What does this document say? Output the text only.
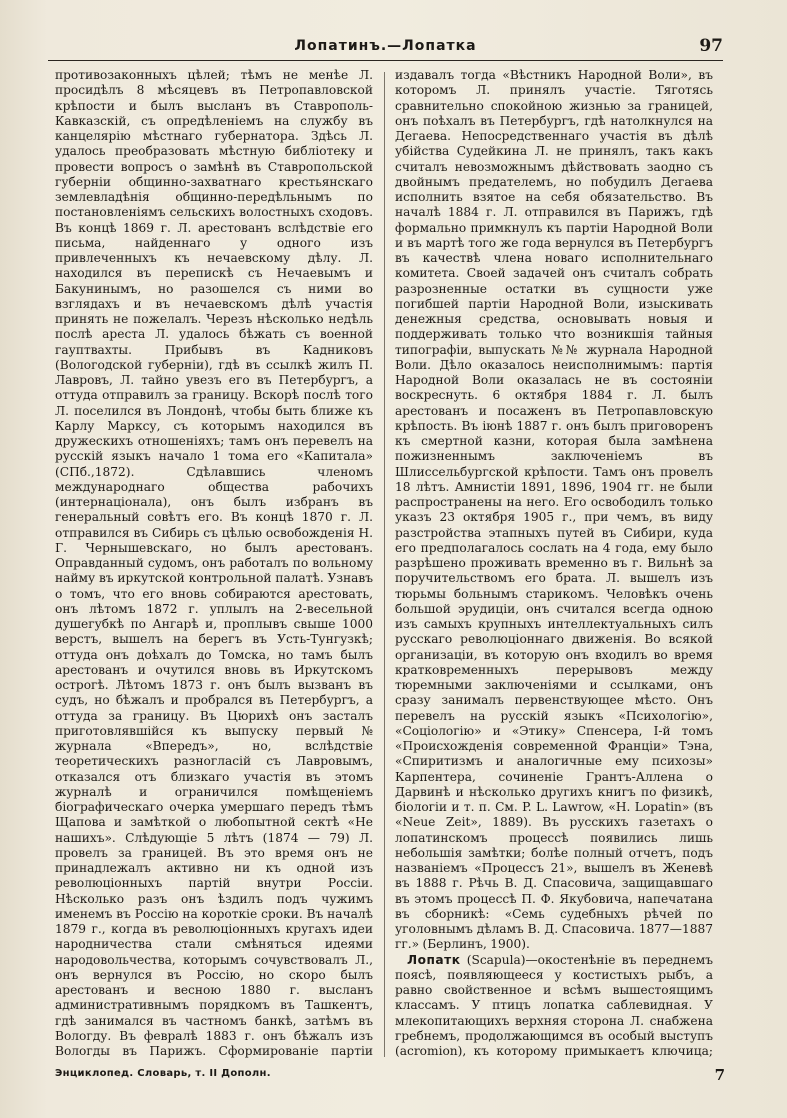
Лопатинъ.—Лопатка	97

противозаконныхъ цѣлей; тѣмъ не менѣе Л. просидѣлъ 8 мѣсяцевъ въ Петропавловской крѣпости и былъ высланъ въ Ставрополь-Кавказскій, съ опредѣленіемъ на службу въ канцелярію мѣстнаго губернатора. Здѣсь Л. удалось преобразовать мѣстную библіотеку и провести вопросъ о замѣнѣ въ Ставропольской губерніи общинно-захватнаго крестьянскаго землевладѣнія общинно-передѣльнымъ по постановленіямъ сельскихъ волостныхъ сходовъ. Въ концѣ 1869 г. Л. арестованъ вслѣдствіе его письма, найденнаго у одного изъ привлеченныхъ къ нечаевскому дѣлу. Л. находился въ перепискѣ съ Нечаевымъ и Бакунинымъ, но разошелся съ ними во взглядахъ и въ нечаевскомъ дѣлѣ участія принять не пожелалъ. Черезъ нѣсколько недѣль послѣ ареста Л. удалось бѣжать съ военной гауптвахты. Прибывъ въ Кадниковъ (Вологодской губерніи), гдѣ въ ссылкѣ жилъ П. Лавровъ, Л. тайно увезъ его въ Петербургъ, а оттуда отправилъ за границу. Вскорѣ послѣ того Л. поселился въ Лондонѣ, чтобы быть ближе къ Карлу Марксу, съ которымъ находился въ дружескихъ отношеніяхъ; тамъ онъ перевелъ на русскій языкъ начало 1 тома его «Капитала» (СПб.,1872). Сдѣлавшись членомъ международнаго общества рабочихъ (интернаціонала), онъ былъ избранъ въ генеральный совѣтъ его. Въ концѣ 1870 г. Л. отправился въ Сибирь съ цѣлью освобожденія Н. Г. Чернышевскаго, но былъ арестованъ. Оправданный судомъ, онъ работалъ по вольному найму въ иркутской контрольной палатѣ. Узнавъ о томъ, что его вновь собираются арестовать, онъ лѣтомъ 1872 г. уплылъ на 2-весельной душегубкѣ по Ангарѣ и, проплывъ свыше 1000 верстъ, вышелъ на берегъ въ Усть-Тунгузкѣ; оттуда онъ доѣхалъ до Томска, но тамъ былъ арестованъ и очутился вновь въ Иркутскомъ острогѣ. Лѣтомъ 1873 г. онъ былъ вызванъ въ судъ, но бѣжалъ и пробрался въ Петербургъ, а оттуда за границу. Въ Цюрихѣ онъ засталъ приготовлявшійся къ выпуску первый № журнала «Впередъ», но, вслѣдствіе теоретическихъ разногласій съ Лавровымъ, отказался отъ близкаго участія въ этомъ журналѣ и ограничился помѣщеніемъ біографическаго очерка умершаго передъ тѣмъ Щапова и замѣткой о любопытной сектѣ «Не нашихъ». Слѣдующіе 5 лѣтъ (1874 — 79) Л. провелъ за границей. Въ это время онъ не принадлежалъ активно ни къ одной изъ революціонныхъ партій внутри Россіи. Нѣсколько разъ онъ ѣздилъ подъ чужимъ именемъ въ Россію на короткіе сроки. Въ началѣ 1879 г., когда въ революціонныхъ кругахъ идеи народничества стали смѣняться идеями народовольчества, которымъ сочувствовалъ Л., онъ вернулся въ Россію, но скоро былъ арестованъ и весною 1880 г. высланъ административнымъ порядкомъ въ Ташкентъ, гдѣ занимался въ частномъ банкѣ, затѣмъ въ Вологду. Въ февралѣ 1883 г. онъ бѣжалъ изъ Вологды въ Парижъ. Сформированіе партіи

издавалъ тогда «Вѣстникъ Народной Воли», въ которомъ Л. принялъ участіе. Тяготясь сравнительно спокойною жизнью за границей, онъ поѣхалъ въ Петербургъ, гдѣ натолкнулся на Дегаева. Непосредственнаго участія въ дѣлѣ убійства Судейкина Л. не принялъ, такъ какъ считалъ невозможнымъ дѣйствовать заодно съ двойнымъ предателемъ, но побудилъ Дегаева исполнить взятое на себя обязательство. Въ началѣ 1884 г. Л. отправился въ Парижъ, гдѣ формально примкнулъ къ партіи Народной Воли и въ мартѣ того же года вернулся въ Петербургъ въ качествѣ члена новаго исполнительнаго комитета. Своей задачей онъ считалъ собрать разрозненные остатки въ сущности уже погибшей партіи Народной Воли, изыскивать денежныя средства, основывать новыя и поддерживать только что возникшія тайныя типографіи, выпускать №№ журнала Народной Воли. Дѣло оказалось неисполнимымъ: партія Народной Воли оказалась не въ состояніи воскреснуть. 6 октября 1884 г. Л. былъ арестованъ и посаженъ въ Петропавловскую крѣпость. Въ іюнѣ 1887 г. онъ былъ приговоренъ къ смертной казни, которая была замѣнена пожизненнымъ заключеніемъ въ Шлиссельбургской крѣпости. Тамъ онъ провелъ 18 лѣтъ. Амнистіи 1891, 1896, 1904 гг. не были распространены на него. Его освободилъ только указъ 23 октября 1905 г., при чемъ, въ виду разстройства этапныхъ путей въ Сибири, куда его предполагалось сослать на 4 года, ему было разрѣшено проживать временно въ г. Вильнѣ за поручительствомъ его брата. Л. вышелъ изъ тюрьмы больнымъ старикомъ. Человѣкъ очень большой эрудиціи, онъ считался всегда одною изъ самыхъ крупныхъ интеллектуальныхъ силъ русскаго революціоннаго движенія. Во всякой организаціи, въ которую онъ входилъ во время кратковременныхъ перерывовъ между тюремными заключеніями и ссылками, онъ сразу занималъ первенствующее мѣсто. Онъ перевелъ на русскій языкъ «Психологію», «Соціологію» и «Этику» Спенсера, I-й томъ «Происхожденія современной Франціи» Тэна, «Спиритизмъ и аналогичные ему психозы» Карпентера, сочиненіе Грантъ-Аллена о Дарвинѣ и нѣсколько другихъ книгъ по физикѣ, біологіи и т. п. См. P. L. Lawrow, «H. Lopatin» (въ «Neue Zeit», 1889). Въ русскихъ газетахъ о лопатинскомъ процессѣ появились лишь небольшія замѣтки; болѣе полный отчетъ, подъ названіемъ «Процессъ 21», вышелъ въ Женевѣ въ 1888 г. Рѣчь В. Д. Спасовича, защищавшаго въ этомъ процессѣ П. Ф. Якубовича, напечатана въ сборникѣ: «Семь судебныхъ рѣчей по уголовнымъ дѣламъ В. Д. Спасовича. 1877—1887 гг.» (Берлинъ, 1900).

Лопатк (Scapula)—окостенѣніе въ переднемъ поясѣ, появляющееся у костистыхъ рыбъ, а равно свойственное и всѣмъ вышестоящимъ классамъ. У птицъ лопатка саблевидная. У млекопитающихъ верхняя сторона Л. снабжена гребнемъ, продолжающимся въ особый выступъ (acromion), къ которому примыкаетъ ключица;

Энциклопед. Словарь, т. II Дополн.	7
